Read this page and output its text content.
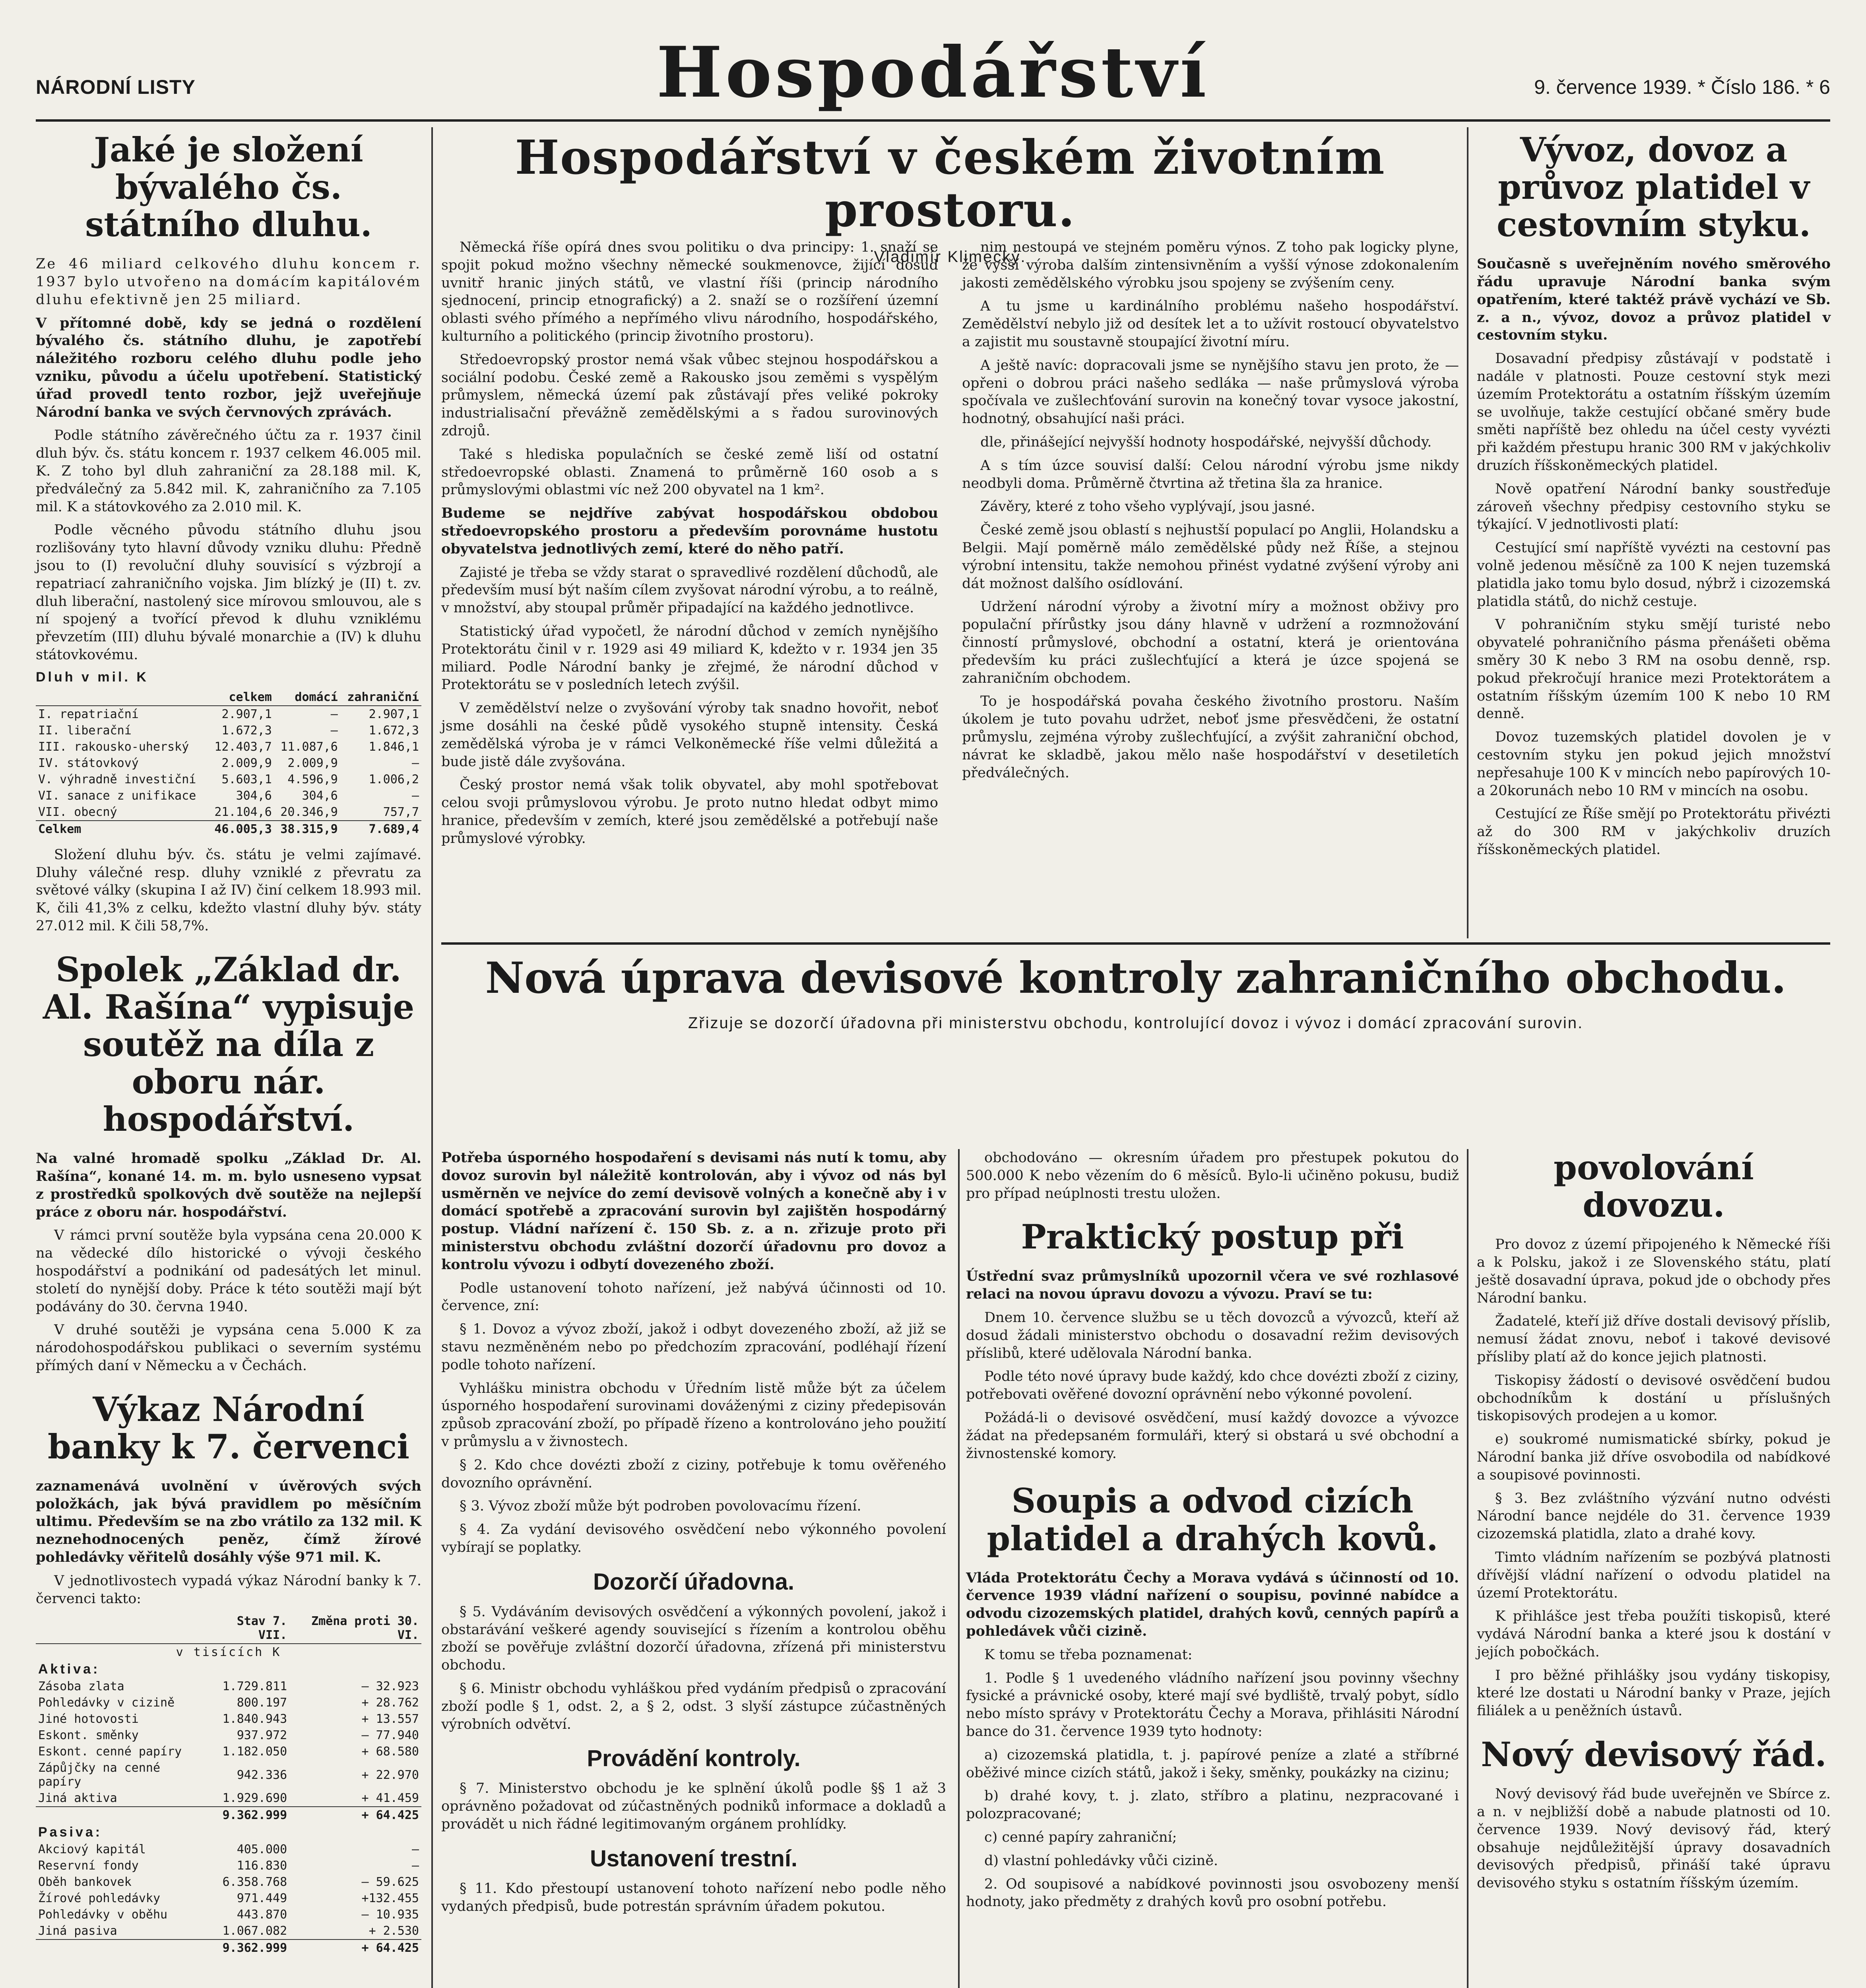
NÁRODNÍ LISTY	Hospodářství	9. července 1939. * Číslo 186. * 6
Jaké je složení bývalého čs. státního dluhu.

Ze 46 miliard celkového dluhu koncem r. 1937 bylo utvořeno na domácím kapitálovém dluhu efektivně jen 25 miliard.

V přítomné době, kdy se jedná o rozdělení bývalého čs. státního dluhu, je zapotřebí náležitého rozboru celého dluhu podle jeho vzniku, původu a účelu upotřebení. Statistický úřad provedl tento rozbor, jejž uveřejňuje Národní banka ve svých červnových zprávách.

Podle státního závěrečného účtu za r. 1937 činil dluh býv. čs. státu koncem r. 1937 celkem 46.005 mil. K. Z toho byl dluh zahraniční za 28.188 mil. K, předválečný za 5.842 mil. K, zahraničního za 7.105 mil. K a státovkového za 2.010 mil. K.

Podle věcného původu státního dluhu jsou rozlišovány tyto hlavní důvody vzniku dluhu: Předně jsou to (I) revoluční dluhy souvisící s výzbrojí a repatriací zahraničního vojska. Jim blízký je (II) t. zv. dluh liberační, nastolený sice mírovou smlouvou, ale s ní spojený a tvořící převod k dluhu vzniklému převzetím (III) dluhu bývalé monarchie a (IV) k dluhu státovkovému.

Dluh v mil. K
	celkem	domácí	zahraniční
I. repatriační	2.907,1	—	2.907,1
II. liberační	1.672,3	—	1.672,3
III. rakousko-uherský	12.403,7	11.087,6	1.846,1
IV. státovkový	2.009,9	2.009,9	—
V. výhradně investiční	5.603,1	4.596,9	1.006,2
VI. sanace z unifikace	304,6	304,6	—
VII. obecný	21.104,6	20.346,9	757,7
Celkem	46.005,3	38.315,9	7.689,4

Složení dluhu býv. čs. státu je velmi zajímavé. Dluhy válečné resp. dluhy vzniklé z převratu za světové války (skupina I až IV) činí celkem 18.993 mil. K, čili 41,3% z celku, kdežto vlastní dluhy býv. státy 27.012 mil. K čili 58,7%.

Spolek „Základ dr. Al. Rašína“ vypisuje soutěž na díla z oboru nár. hospodářství.

Na valné hromadě spolku „Základ Dr. Al. Rašína“, konané 14. m. m. bylo usneseno vypsat z prostředků spolkových dvě soutěže na nejlepší práce z oboru nár. hospodářství.

V rámci první soutěže byla vypsána cena 20.000 K na vědecké dílo historické o vývoji českého hospodářství a podnikání od padesátých let minul. století do nynější doby. Práce k této soutěži mají být podávány do 30. června 1940.

V druhé soutěži je vypsána cena 5.000 K za národohospodářskou publikaci o severním systému přímých daní v Německu a v Čechách.

Výkaz Národní banky k 7. červenci

zaznamenává uvolnění v úvěrových svých položkách, jak bývá pravidlem po měsíčním ultimu. Především se na zbo vrátilo za 132 mil. K neznehodnocených peněz, čímž žírové pohledávky věřitelů dosáhly výše 971 mil. K.

V jednotlivostech vypadá výkaz Národní banky k 7. červenci takto:

	Stav 7. VII.	Změna proti 30. VI.
v tisících K		
Aktiva:		
Zásoba zlata	1.729.811	— 32.923
Pohledávky v cizině	800.197	+ 28.762
Jiné hotovosti	1.840.943	+ 13.557
Eskont. směnky	937.972	— 77.940
Eskont. cenné papíry	1.182.050	+ 68.580
Zápůjčky na cenné papíry	942.336	+ 22.970
Jiná aktiva	1.929.690	+ 41.459
	9.362.999	+ 64.425
Pasiva:		
Akciový kapitál	405.000	—
Reservní fondy	116.830	—
Oběh bankovek	6.358.768	— 59.625
Žírové pohledávky	971.449	+132.455
Pohledávky v oběhu	443.870	— 10.935
Jiná pasiva	1.067.082	+ 2.530
	9.362.999	+ 64.425
Hospodářství v českém životním prostoru.
Vladimír Klimecký.

Německá říše opírá dnes svou politiku o dva principy: 1. snaží se spojit pokud možno všechny německé soukmenovce, žijící dosud uvnitř hranic jiných států, ve vlastní říši (princip národního sjednocení, princip etnografický) a 2. snaží se o rozšíření územní oblasti svého přímého a nepřímého vlivu národního, hospodářského, kulturního a politického (princip životního prostoru).

Středoevropský prostor nemá však vůbec stejnou hospodářskou a sociální podobu. České země a Rakousko jsou zeměmi s vyspělým průmyslem, německá území pak zůstávají přes veliké pokroky industrialisační převážně zemědělskými a s řadou surovinových zdrojů.

Také s hlediska populačních se české země liší od ostatní středoevropské oblasti. Znamená to průměrně 160 osob a s průmyslovými oblastmi víc než 200 obyvatel na 1 km².

Budeme se nejdříve zabývat hospodářskou obdobou středoevropského prostoru a především porovnáme hustotu obyvatelstva jednotlivých zemí, které do něho patří.

Zajisté je třeba se vždy starat o spravedlivé rozdělení důchodů, ale především musí být naším cílem zvyšovat národní výrobu, a to reálně, v množství, aby stoupal průměr připadající na každého jednotlivce.

Statistický úřad vypočetl, že národní důchod v zemích nynějšího Protektorátu činil v r. 1929 asi 49 miliard K, kdežto v r. 1934 jen 35 miliard. Podle Národní banky je zřejmé, že národní důchod v Protektorátu se v posledních letech zvýšil.

V zemědělství nelze o zvyšování výroby tak snadno hovořit, neboť jsme dosáhli na české půdě vysokého stupně intensity. Česká zemědělská výroba je v rámci Velkoněmecké říše velmi důležitá a bude jistě dále zvyšována.

Český prostor nemá však tolik obyvatel, aby mohl spotřebovat celou svoji průmyslovou výrobu. Je proto nutno hledat odbyt mimo hranice, především v zemích, které jsou zemědělské a potřebují naše průmyslové výrobky.

nim nestoupá ve stejném poměru výnos. Z toho pak logicky plyne, že vyšší výroba dalším zintensivněním a vyšší výnose zdokonalením jakosti zemědělského výrobku jsou spojeny se zvýšením ceny.

A tu jsme u kardinálního problému našeho hospodářství. Zemědělství nebylo již od desítek let a to užívit rostoucí obyvatelstvo a zajistit mu soustavně stoupající životní míru.

A ještě navíc: dopracovali jsme se nynějšího stavu jen proto, že — opřeni o dobrou práci našeho sedláka — naše průmyslová výroba spočívala ve zušlechťování surovin na konečný tovar vysoce jakostní, hodnotný, obsahující naši práci.

dle, přinášející nejvyšší hodnoty hospodářské, nejvyšší důchody.

A s tím úzce souvisí další: Celou národní výrobu jsme nikdy neodbyli doma. Průměrně čtvrtina až třetina šla za hranice.

Závěry, které z toho všeho vyplývají, jsou jasné.

České země jsou oblastí s nejhustší populací po Anglii, Holandsku a Belgii. Mají poměrně málo zemědělské půdy než Říše, a stejnou výrobní intensitu, takže nemohou přinést vydatné zvýšení výroby ani dát možnost dalšího osídlování.

Udržení národní výroby a životní míry a možnost obživy pro populační přírůstky jsou dány hlavně v udržení a rozmnožování činností průmyslové, obchodní a ostatní, která je orientována především ku práci zušlechťující a která je úzce spojená se zahraničním obchodem.

To je hospodářská povaha českého životního prostoru. Naším úkolem je tuto povahu udržet, neboť jsme přesvědčeni, že ostatní průmyslu, zejména výroby zušlechťující, a zvýšit zahraniční obchod, návrat ke skladbě, jakou mělo naše hospodářství v desetiletích předválečných.

Vývoz, dovoz a průvoz platidel v cestovním styku.

Současně s uveřejněním nového směrového řádu upravuje Národní banka svým opatřením, které taktéž právě vychází ve Sb. z. a n., vývoz, dovoz a průvoz platidel v cestovním styku.

Dosavadní předpisy zůstávají v podstatě i nadále v platnosti. Pouze cestovní styk mezi územím Protektorátu a ostatním říšským územím se uvolňuje, takže cestující občané směry bude směti napříště bez ohledu na účel cesty vyvézti při každém přestupu hranic 300 RM v jakýchkoliv druzích říšskoněmeckých platidel.

Nově opatření Národní banky soustřeďuje zároveň všechny předpisy cestovního styku se týkající. V jednotlivosti platí:

Cestující smí napříště vyvézti na cestovní pas volně jedenou měsíčně za 100 K nejen tuzemská platidla jako tomu bylo dosud, nýbrž i cizozemská platidla států, do nichž cestuje.

V pohraničním styku smějí turisté nebo obyvatelé pohraničního pásma přenášeti oběma směry 30 K nebo 3 RM na osobu denně, rsp. pokud překročují hranice mezi Protektorátem a ostatním říšským územím 100 K nebo 10 RM denně.

Dovoz tuzemských platidel dovolen je v cestovním styku jen pokud jejich množství nepřesahuje 100 K v mincích nebo papírových 10- a 20korunách nebo 10 RM v mincích na osobu.

Cestující ze Říše smějí po Protektorátu přivézti až do 300 RM v jakýchkoliv druzích říšskoněmeckých platidel.

Nová úprava devisové kontroly zahraničního obchodu.
Zřizuje se dozorčí úřadovna při ministerstvu obchodu, kontrolující dovoz i vývoz i domácí zpracování surovin.

Potřeba úsporného hospodaření s devisami nás nutí k tomu, aby dovoz surovin byl náležitě kontrolován, aby i vývoz od nás byl usměrněn ve nejvíce do zemí devisově volných a konečně aby i v domácí spotřebě a zpracování surovin byl zajištěn hospodárný postup. Vládní nařízení č. 150 Sb. z. a n. zřizuje proto při ministerstvu obchodu zvláštní dozorčí úřadovnu pro dovoz a kontrolu vývozu i odbytí dovezeného zboží.

Podle ustanovení tohoto nařízení, jež nabývá účinnosti od 10. července, zní:

§ 1. Dovoz a vývoz zboží, jakož i odbyt dovezeného zboží, až již se stavu nezměněném nebo po předchozím zpracování, podléhají řízení podle tohoto nařízení.

Vyhlášku ministra obchodu v Úředním listě může být za účelem úsporného hospodaření surovinami dováženými z ciziny předepisován způsob zpracování zboží, po případě řízeno a kontrolováno jeho použití v průmyslu a v živnostech.

§ 2. Kdo chce dovézti zboží z ciziny, potřebuje k tomu ověřeného dovozního oprávnění.

§ 3. Vývoz zboží může být podroben povolovacímu řízení.

§ 4. Za vydání devisového osvědčení nebo výkonného povolení vybírají se poplatky.

Dozorčí úřadovna.

§ 5. Vydáváním devisových osvědčení a výkonných povolení, jakož i obstarávání veškeré agendy související s řízením a kontrolou oběhu zboží se pověřuje zvláštní dozorčí úřadovna, zřízená při ministerstvu obchodu.

§ 6. Ministr obchodu vyhláškou před vydáním předpisů o zpracování zboží podle § 1, odst. 2, a § 2, odst. 3 slyší zástupce zúčastněných výrobních odvětví.

Provádění kontroly.

§ 7. Ministerstvo obchodu je ke splnění úkolů podle §§ 1 až 3 oprávněno požadovat od zúčastněných podniků informace a dokladů a provádět u nich řádné legitimovaným orgánem prohlídky.

Ustanovení trestní.

§ 11. Kdo přestoupí ustanovení tohoto nařízení nebo podle něho vydaných předpisů, bude potrestán správním úřadem pokutou.

obchodováno — okresním úřadem pro přestupek pokutou do 500.000 K nebo vězením do 6 měsíců. Bylo-li učiněno pokusu, budiž pro případ neúplnosti trestu uložen.

Praktický postup při

Ústřední svaz průmyslníků upozornil včera ve své rozhlasové relaci na novou úpravu dovozu a vývozu. Praví se tu:

Dnem 10. července službu se u těch dovozců a vývozců, kteří až dosud žádali ministerstvo obchodu o dosavadní režim devisových příslibů, které udělovala Národní banka.

Podle této nové úpravy bude každý, kdo chce dovézti zboží z ciziny, potřebovati ověřené dovozní oprávnění nebo výkonné povolení.

Požádá-li o devisové osvědčení, musí každý dovozce a vývozce žádat na předepsaném formuláři, který si obstará u své obchodní a živnostenské komory.

Soupis a odvod cizích platidel a drahých kovů.

Vláda Protektorátu Čechy a Morava vydává s účinností od 10. července 1939 vládní nařízení o soupisu, povinné nabídce a odvodu cizozemských platidel, drahých kovů, cenných papírů a pohledávek vůči cizině.

K tomu se třeba poznamenat:

1. Podle § 1 uvedeného vládního nařízení jsou povinny všechny fysické a právnické osoby, které mají své bydliště, trvalý pobyt, sídlo nebo místo správy v Protektorátu Čechy a Morava, přihlásiti Národní bance do 31. července 1939 tyto hodnoty:

a) cizozemská platidla, t. j. papírové peníze a zlaté a stříbrné oběživé mince cizích států, jakož i šeky, směnky, poukázky na cizinu;

b) drahé kovy, t. j. zlato, stříbro a platinu, nezpracované i polozpracované;

c) cenné papíry zahraniční;

d) vlastní pohledávky vůči cizině.

2. Od soupisové a nabídkové povinnosti jsou osvobozeny menší hodnoty, jako předměty z drahých kovů pro osobní potřebu.

povolování dovozu.

Pro dovoz z území připojeného k Německé říši a k Polsku, jakož i ze Slovenského státu, platí ještě dosavadní úprava, pokud jde o obchody přes Národní banku.

Žadatelé, kteří již dříve dostali devisový příslib, nemusí žádat znovu, neboť i takové devisové přísliby platí až do konce jejich platnosti.

Tiskopisy žádostí o devisové osvědčení budou obchodníkům k dostání u příslušných tiskopisových prodejen a u komor.

e) soukromé numismatické sbírky, pokud je Národní banka již dříve osvobodila od nabídkové a soupisové povinnosti.

§ 3. Bez zvláštního výzvání nutno odvésti Národní bance nejdéle do 31. července 1939 cizozemská platidla, zlato a drahé kovy.

Timto vládním nařízením se pozbývá platnosti dřívější vládní nařízení o odvodu platidel na území Protektorátu.

K přihlášce jest třeba použíti tiskopisů, které vydává Národní banka a které jsou k dostání v jejích pobočkách.

I pro běžné přihlášky jsou vydány tiskopisy, které lze dostati u Národní banky v Praze, jejích filiálek a u peněžních ústavů.

Nový devisový řád.

Nový devisový řád bude uveřejněn ve Sbírce z. a n. v nejbližší době a nabude platnosti od 10. července 1939. Nový devisový řád, který obsahuje nejdůležitější úpravy dosavadních devisových předpisů, přináší také úpravu devisového styku s ostatním říšským územím.
